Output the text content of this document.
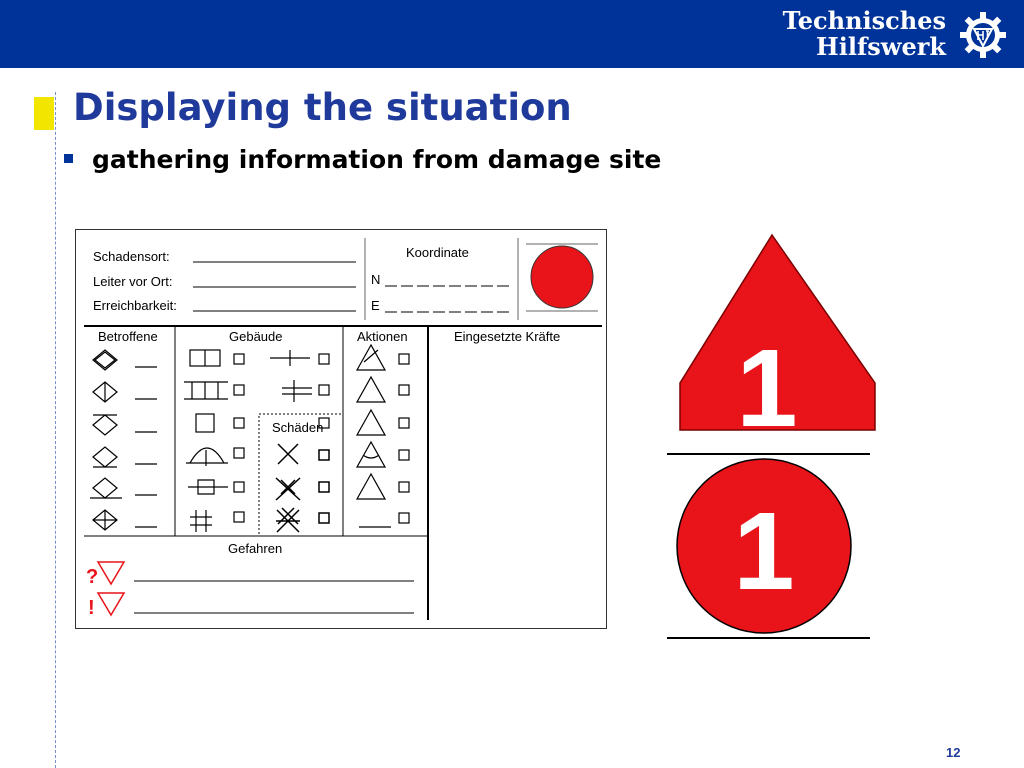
Technisches
Hilfswerk
Displaying the situation
gathering information from damage site
Schadensort:
Leiter vor Ort:
Erreichbarkeit:
Koordinate
N
E
Betroffene	Gebäude	Aktionen	Eingesetzte Kräfte
Schäden
Gefahren
?
!
1
1
12
